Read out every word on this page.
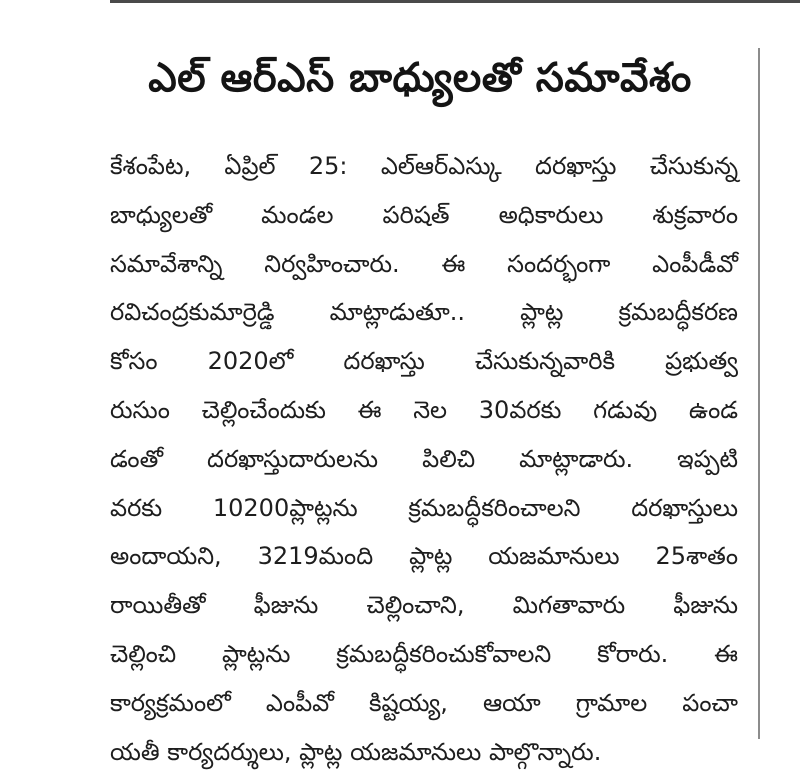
ఎల్ ఆర్ఎస్ బాధ్యులతో సమావేశం
కేశంపేట, ఏప్రిల్ 25: ఎల్ఆర్ఎస్కు దరఖాస్తు చేసుకున్న
బాధ్యులతో మండల పరిషత్ అధికారులు శుక్రవారం
సమావేశాన్ని నిర్వహించారు. ఈ సందర్భంగా ఎంపీడీవో
రవిచంద్రకుమార్రెడ్డి మాట్లాడుతూ.. ప్లాట్ల క్రమబద్ధీకరణ
కోసం 2020లో దరఖాస్తు చేసుకున్నవారికి ప్రభుత్వ
రుసుం చెల్లించేందుకు ఈ నెల 30వరకు గడువు ఉండ
డంతో దరఖాస్తుదారులను పిలిచి మాట్లాడారు. ఇప్పటి
వరకు 10200ప్లాట్లను క్రమబద్ధీకరించాలని దరఖాస్తులు
అందాయని, 3219మంది ప్లాట్ల యజమానులు 25శాతం
రాయితీతో ఫీజును చెల్లించాని, మిగతావారు ఫీజును
చెల్లించి ప్లాట్లను క్రమబద్ధీకరించుకోవాలని కోరారు. ఈ
కార్యక్రమంలో ఎంపీవో కిష్టయ్య, ఆయా గ్రామాల పంచా
యతీ కార్యదర్శులు, ప్లాట్ల యజమానులు పాల్గొన్నారు.
